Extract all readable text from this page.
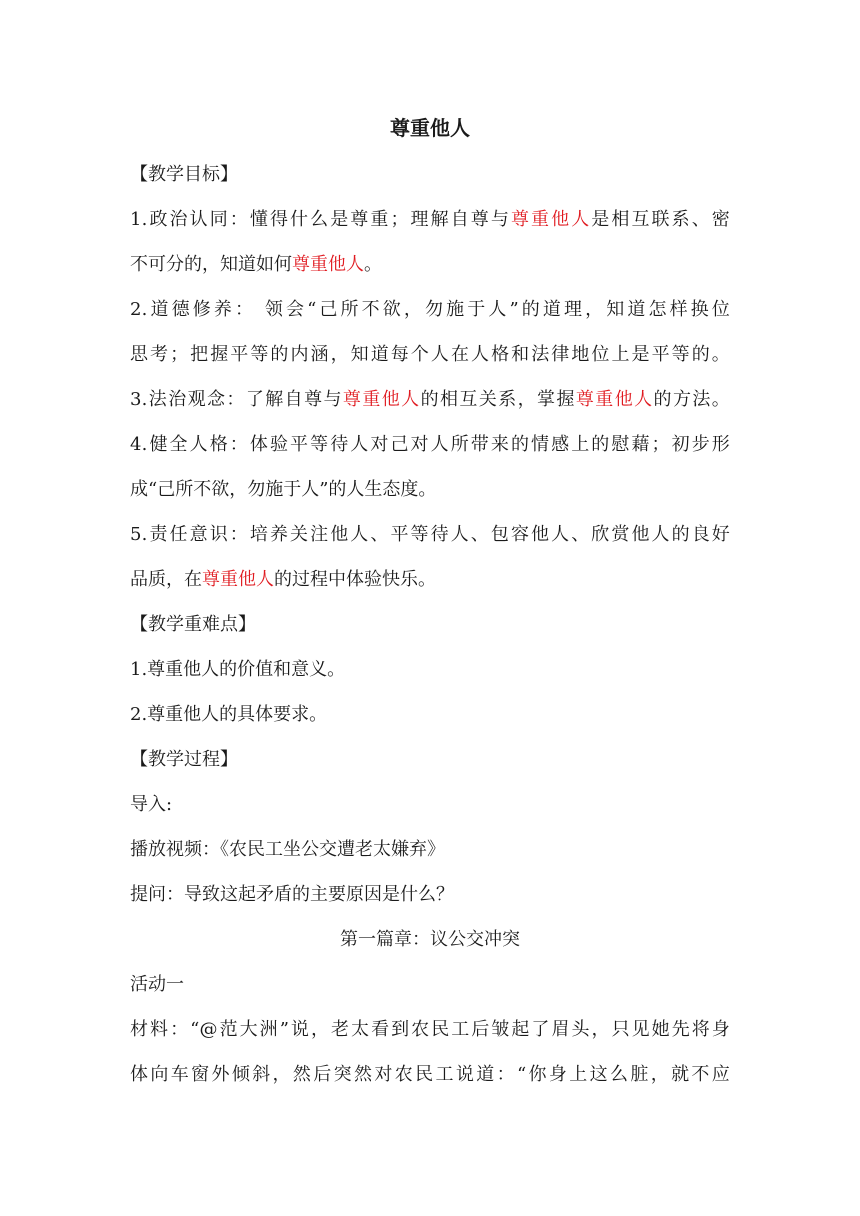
尊重他人

【教学目标】

1.政治认同：懂得什么是尊重；理解自尊与尊重他人是相互联系、密

不可分的，知道如何尊重他人。

2.道德修养： 领会“己所不欲，勿施于人”的道理，知道怎样换位

思考；把握平等的内涵，知道每个人在人格和法律地位上是平等的。

3.法治观念：了解自尊与尊重他人的相互关系，掌握尊重他人的方法。

4.健全人格：体验平等待人对己对人所带来的情感上的慰藉；初步形

成“己所不欲，勿施于人”的人生态度。

5.责任意识：培养关注他人、平等待人、包容他人、欣赏他人的良好

品质，在尊重他人的过程中体验快乐。

【教学重难点】

1.尊重他人的价值和意义。

2.尊重他人的具体要求。

【教学过程】

导入:

播放视频：《农民工坐公交遭老太嫌弃》

提问：导致这起矛盾的主要原因是什么？

第一篇章：议公交冲突

活动一

材料：“@范大洲”说，老太看到农民工后皱起了眉头，只见她先将身

体向车窗外倾斜，然后突然对农民工说道：“你身上这么脏，就不应
